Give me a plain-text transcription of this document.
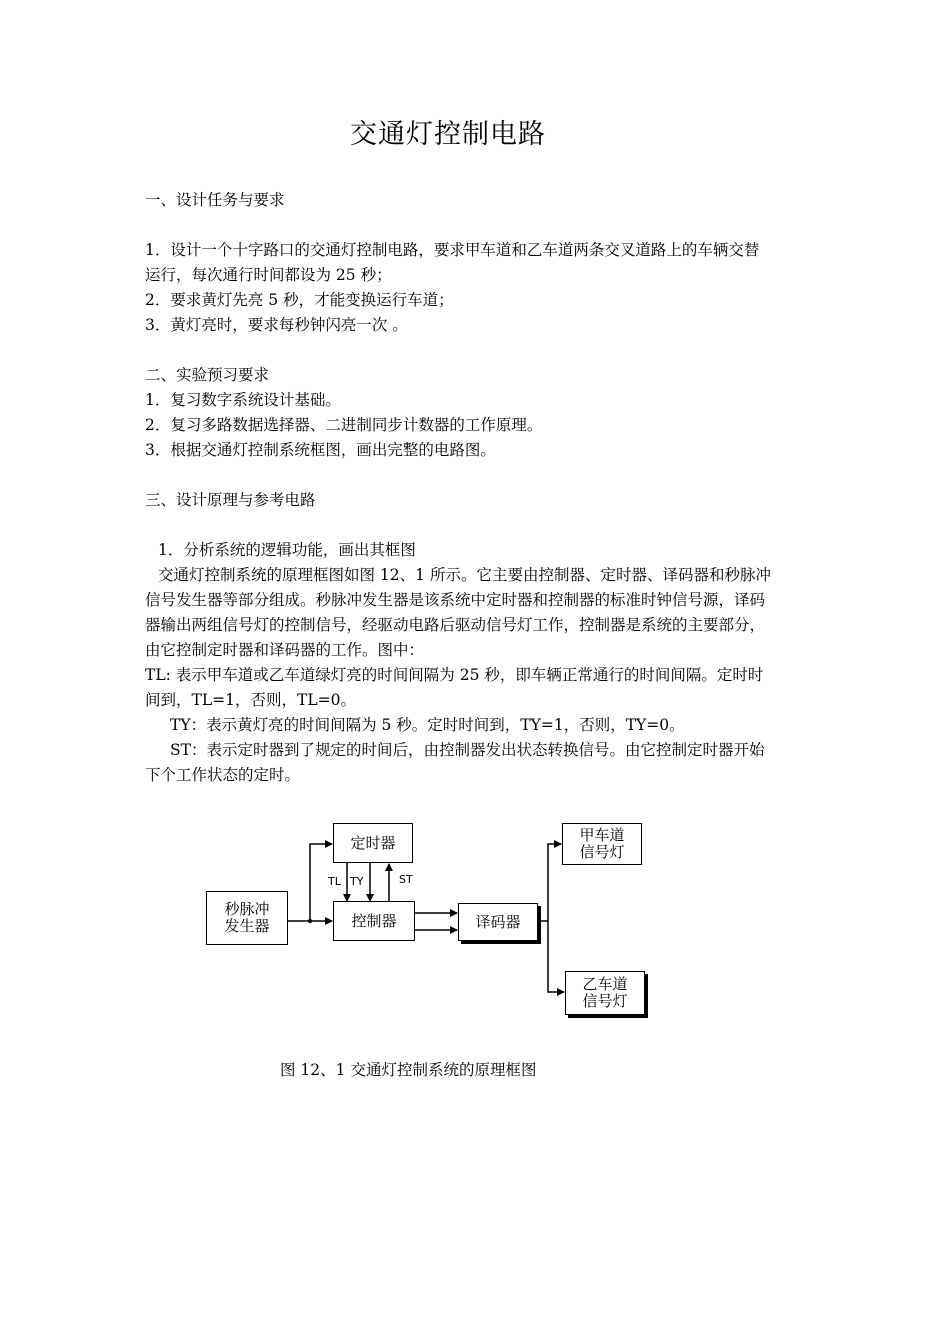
交通灯控制电路
一、设计任务与要求
1．设计一个十字路口的交通灯控制电路，要求甲车道和乙车道两条交叉道路上的车辆交替
运行，每次通行时间都设为 25 秒；
2．要求黄灯先亮 5 秒，才能变换运行车道；
3．黄灯亮时，要求每秒钟闪亮一次 。
二、实验预习要求
1．复习数字系统设计基础。
2．复习多路数据选择器、二进制同步计数器的工作原理。
3．根据交通灯控制系统框图，画出完整的电路图。
三、设计原理与参考电路
1．分析系统的逻辑功能，画出其框图
交通灯控制系统的原理框图如图 12、1 所示。它主要由控制器、定时器、译码器和秒脉冲
信号发生器等部分组成。秒脉冲发生器是该系统中定时器和控制器的标准时钟信号源，译码
器输出两组信号灯的控制信号，经驱动电路后驱动信号灯工作，控制器是系统的主要部分，
由它控制定时器和译码器的工作。图中：
TL: 表示甲车道或乙车道绿灯亮的时间间隔为 25 秒，即车辆正常通行的时间间隔。定时时
间到，TL=1，否则，TL=0。
TY：表示黄灯亮的时间间隔为 5 秒。定时时间到，TY=1，否则，TY=0。
ST：表示定时器到了规定的时间后，由控制器发出状态转换信号。由它控制定时器开始
下个工作状态的定时。
秒脉冲
发生器
定时器
控制器	译码器
甲车道
信号灯
乙车道
信号灯
TL TY	ST
图 12、1 交通灯控制系统的原理框图
